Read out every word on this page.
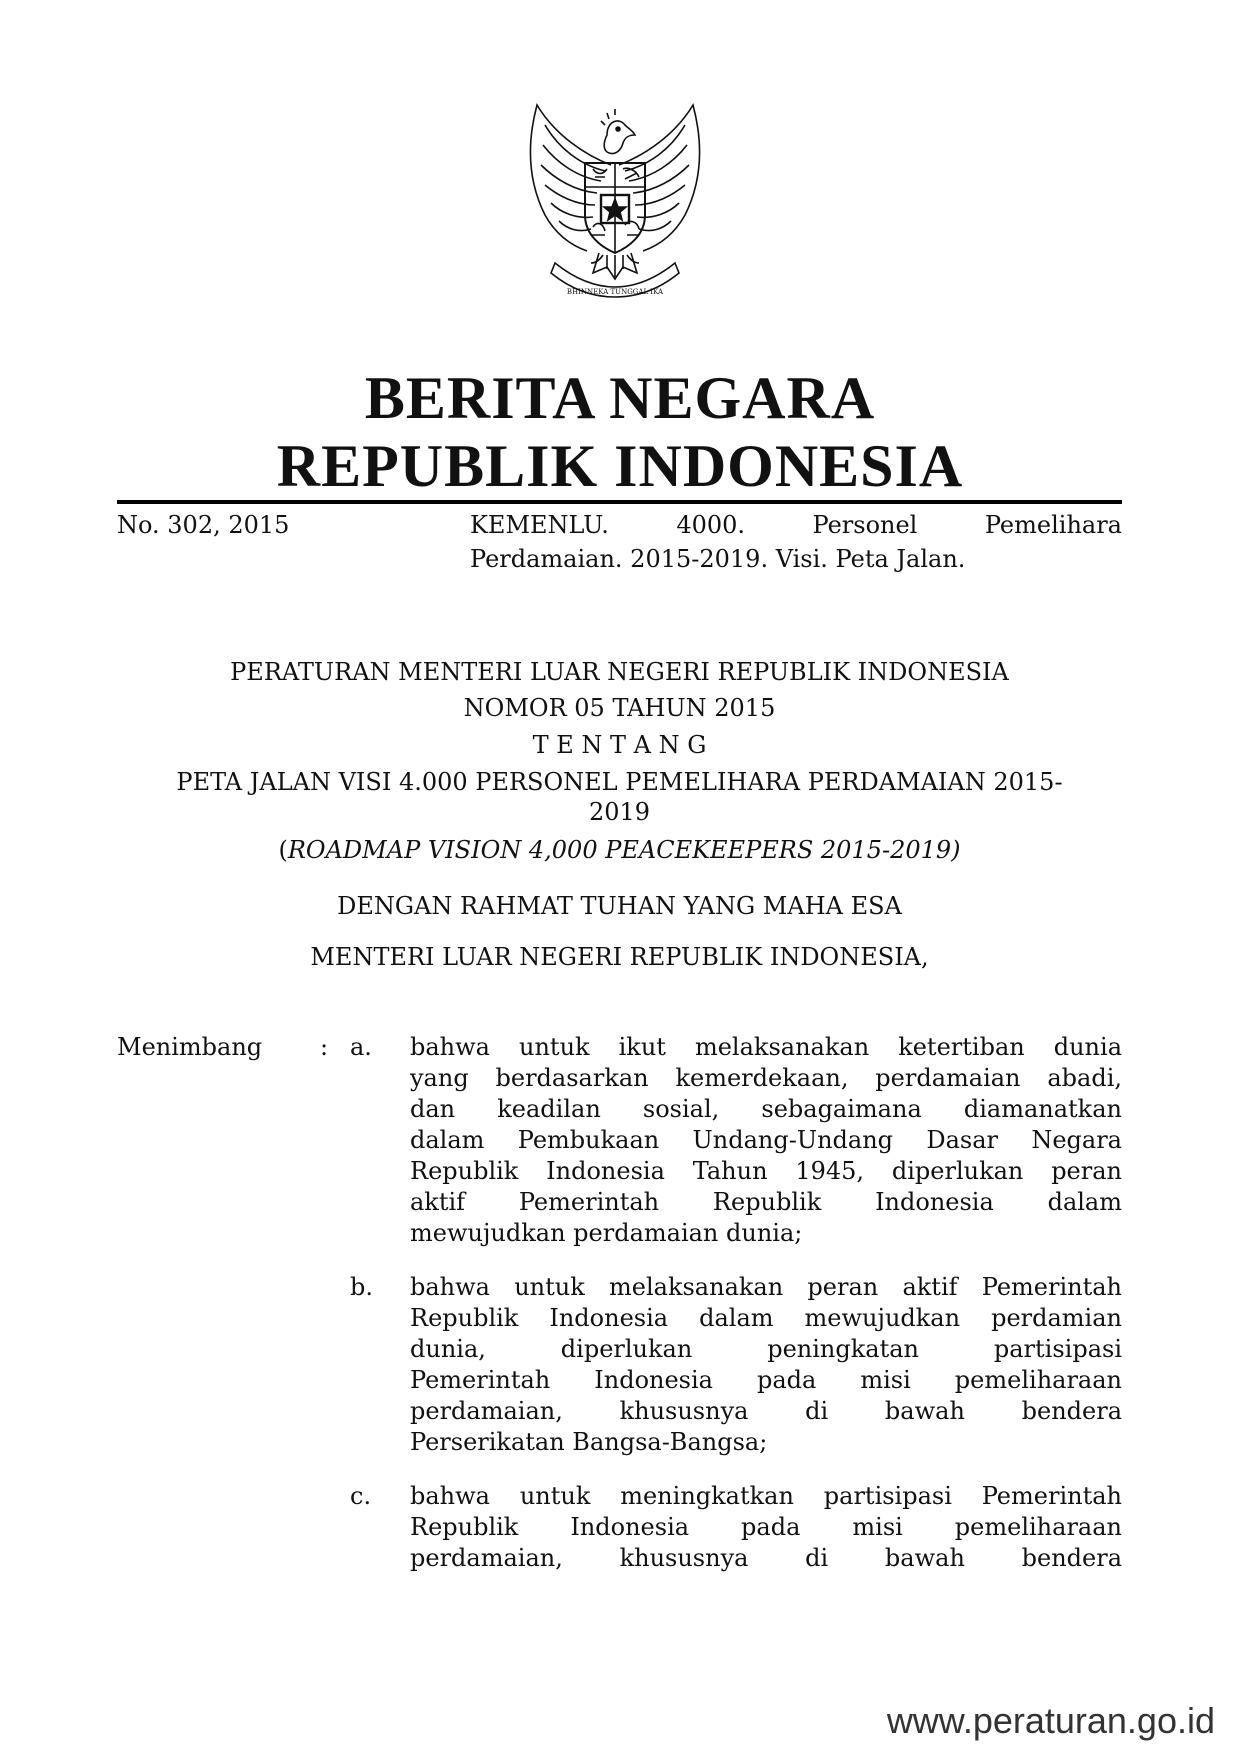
BHINNEKA TUNGGAL IKA
BERITA NEGARA
REPUBLIK INDONESIA
No. 302, 2015	KEMENLU. 4000. Personel Pemelihara
Perdamaian. 2015-2019. Visi. Peta Jalan.
PERATURAN MENTERI LUAR NEGERI REPUBLIK INDONESIA
NOMOR 05 TAHUN 2015
T E N T A N G
PETA JALAN VISI 4.000 PERSONEL PEMELIHARA PERDAMAIAN 2015-
2019
(ROADMAP VISION 4,000 PEACEKEEPERS 2015-2019)
DENGAN RAHMAT TUHAN YANG MAHA ESA
MENTERI LUAR NEGERI REPUBLIK INDONESIA,
Menimbang : a. bahwa untuk ikut melaksanakan ketertiban dunia
yang berdasarkan kemerdekaan, perdamaian abadi,
dan keadilan sosial, sebagaimana diamanatkan
dalam Pembukaan Undang-Undang Dasar Negara
Republik Indonesia Tahun 1945, diperlukan peran
aktif Pemerintah Republik Indonesia dalam
mewujudkan perdamaian dunia;
b. bahwa untuk melaksanakan peran aktif Pemerintah
Republik Indonesia dalam mewujudkan perdamian
dunia, diperlukan peningkatan partisipasi
Pemerintah Indonesia pada misi pemeliharaan
perdamaian, khususnya di bawah bendera
Perserikatan Bangsa-Bangsa;
c. bahwa untuk meningkatkan partisipasi Pemerintah
Republik Indonesia pada misi pemeliharaan
perdamaian, khususnya di bawah bendera
www.peraturan.go.id
